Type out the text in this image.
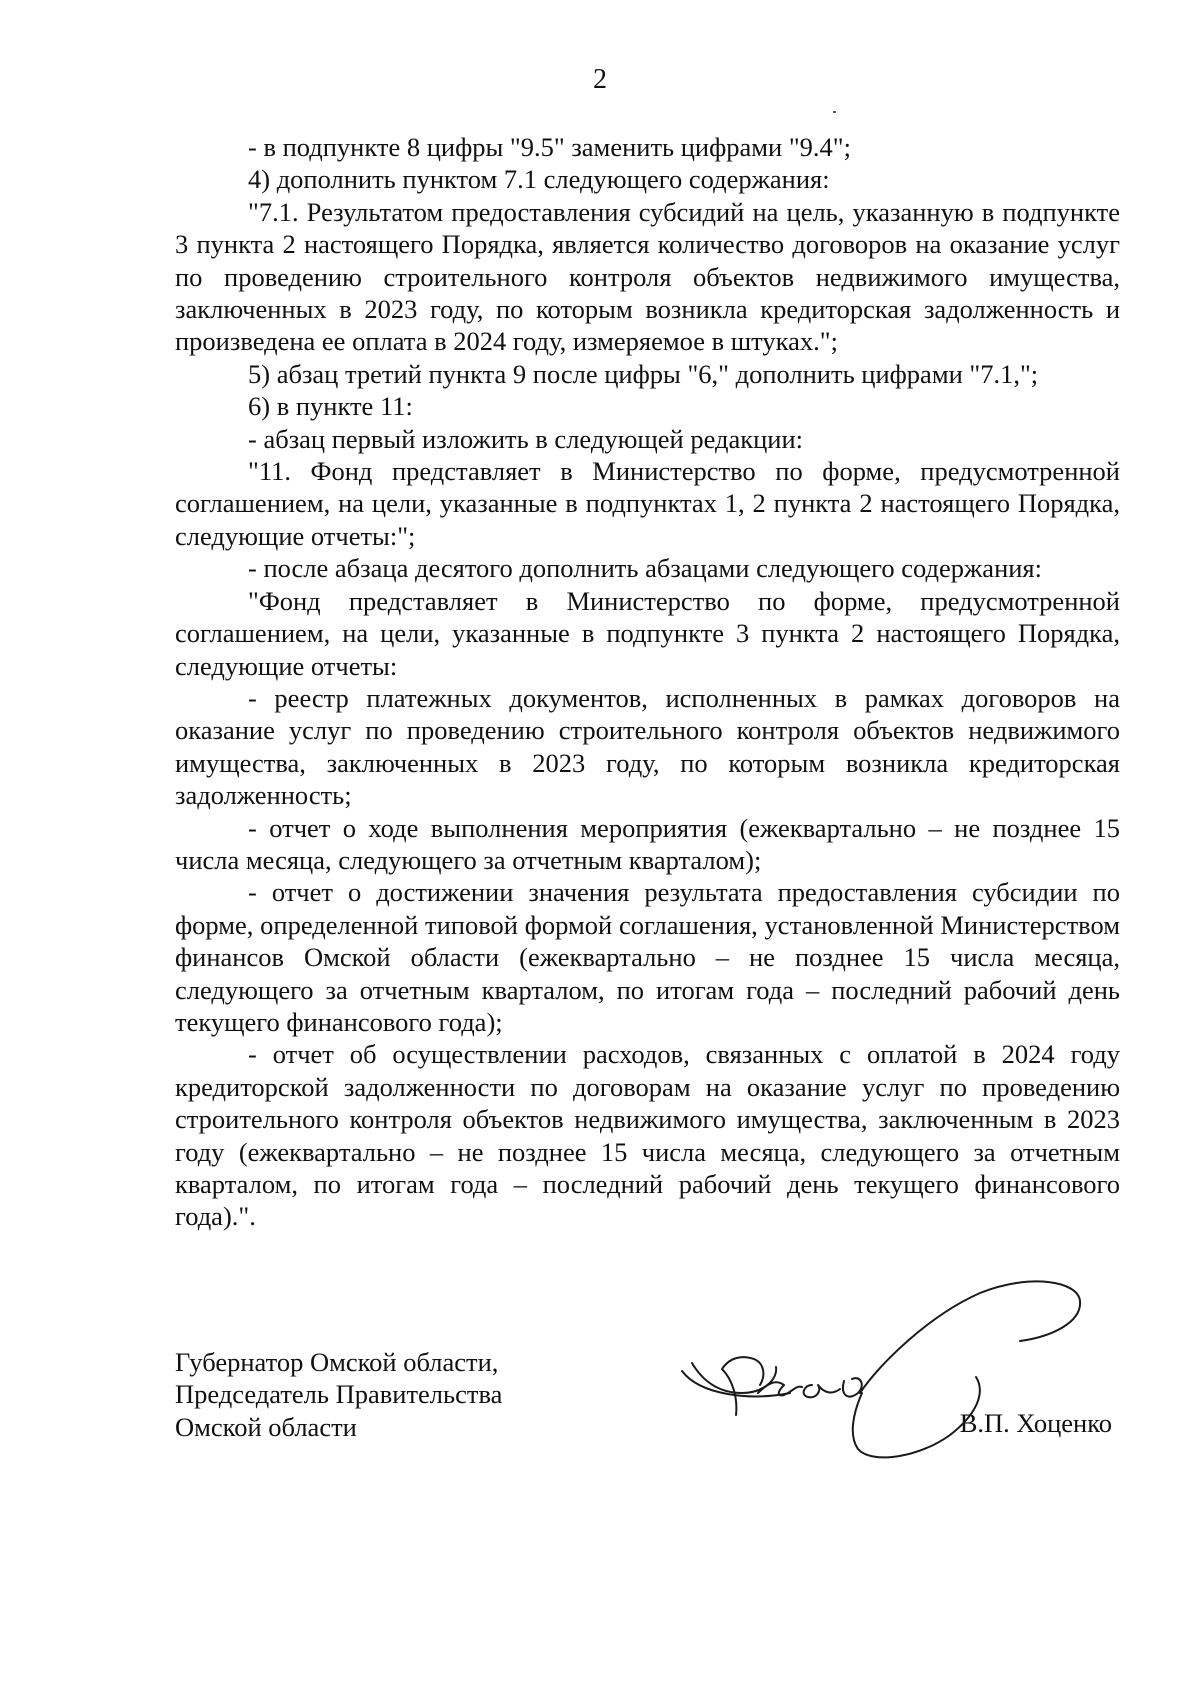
2

- в подпункте 8 цифры "9.5" заменить цифрами "9.4";

4) дополнить пунктом 7.1 следующего содержания:

"7.1. Результатом предоставления субсидий на цель, указанную в подпункте 3 пункта 2 настоящего Порядка, является количество договоров на оказание услуг по проведению строительного контроля объектов недвижимого имущества, заключенных в 2023 году, по которым возникла кредиторская задолженность и произведена ее оплата в 2024 году, измеряемое в штуках.";

5) абзац третий пункта 9 после цифры "6," дополнить цифрами "7.1,";

6) в пункте 11:

- абзац первый изложить в следующей редакции:

"11. Фонд представляет в Министерство по форме, предусмотренной соглашением, на цели, указанные в подпунктах 1, 2 пункта 2 настоящего Порядка, следующие отчеты:";

- после абзаца десятого дополнить абзацами следующего содержания:

"Фонд представляет в Министерство по форме, предусмотренной соглашением, на цели, указанные в подпункте 3 пункта 2 настоящего Порядка, следующие отчеты:

- реестр платежных документов, исполненных в рамках договоров на оказание услуг по проведению строительного контроля объектов недвижимого имущества, заключенных в 2023 году, по которым возникла кредиторская задолженность;

- отчет о ходе выполнения мероприятия (ежеквартально – не позднее 15 числа месяца, следующего за отчетным кварталом);

- отчет о достижении значения результата предоставления субсидии по форме, определенной типовой формой соглашения, установленной Министерством финансов Омской области (ежеквартально – не позднее 15 числа месяца, следующего за отчетным кварталом, по итогам года – последний рабочий день текущего финансового года);

- отчет об осуществлении расходов, связанных с оплатой в 2024 году кредиторской задолженности по договорам на оказание услуг по проведению строительного контроля объектов недвижимого имущества, заключенным в 2023 году (ежеквартально – не позднее 15 числа месяца, следующего за отчетным кварталом, по итогам года – последний рабочий день текущего финансового года).".

Губернатор Омской области,
Председатель Правительства
Омской области	В.П. Хоценко
